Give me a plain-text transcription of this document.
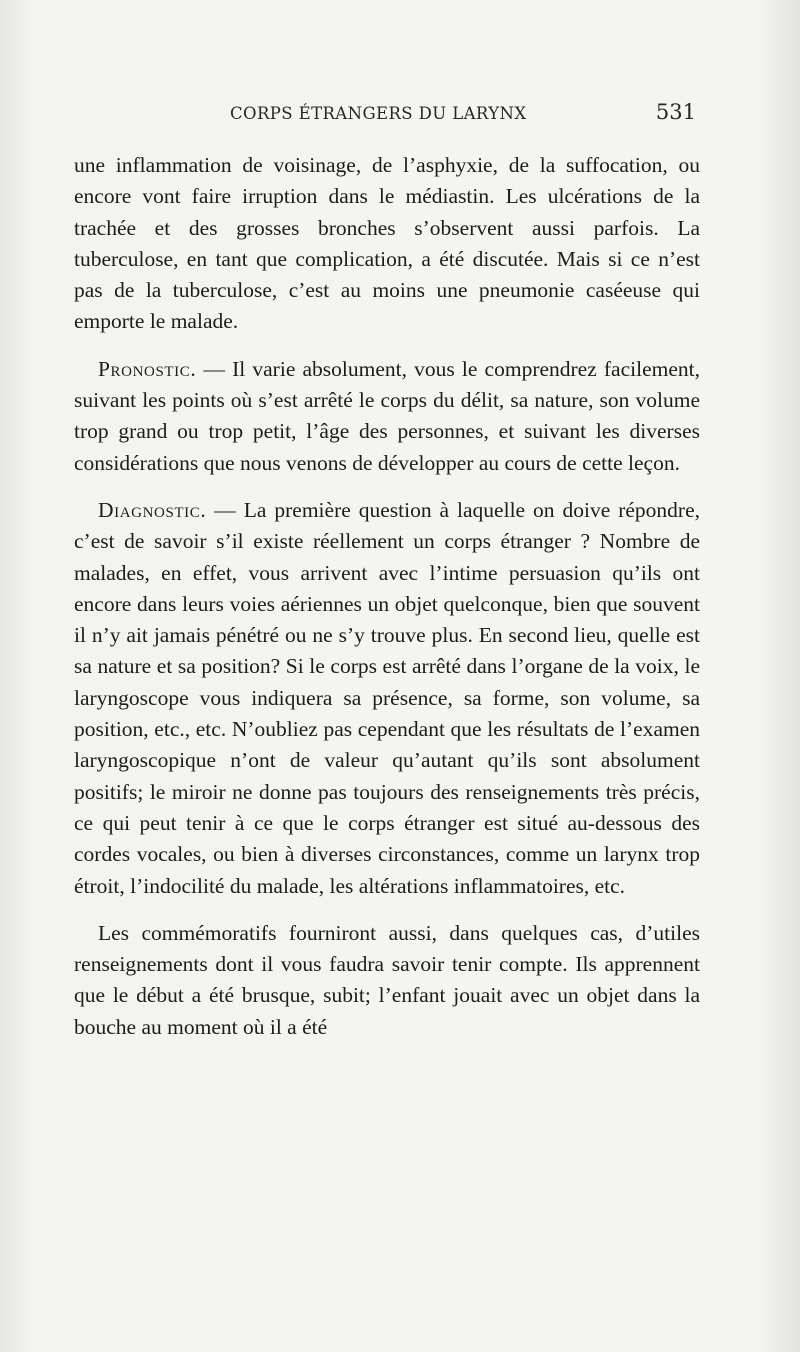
CORPS ÉTRANGERS DU LARYNX	531

une inflammation de voisinage, de l’asphyxie, de la suffocation, ou encore vont faire irruption dans le médiastin. Les ulcérations de la trachée et des grosses bronches s’observent aussi parfois. La tuberculose, en tant que complication, a été discutée. Mais si ce n’est pas de la tuberculose, c’est au moins une pneumonie caséeuse qui emporte le malade.

Pronostic. — Il varie absolument, vous le comprendrez facilement, suivant les points où s’est arrêté le corps du délit, sa nature, son volume trop grand ou trop petit, l’âge des personnes, et suivant les diverses considérations que nous venons de développer au cours de cette leçon.

Diagnostic. — La première question à laquelle on doive répondre, c’est de savoir s’il existe réellement un corps étranger ? Nombre de malades, en effet, vous arrivent avec l’intime persuasion qu’ils ont encore dans leurs voies aériennes un objet quelconque, bien que souvent il n’y ait jamais pénétré ou ne s’y trouve plus. En second lieu, quelle est sa nature et sa position? Si le corps est arrêté dans l’organe de la voix, le laryngoscope vous indiquera sa présence, sa forme, son volume, sa position, etc., etc. N’oubliez pas cependant que les résultats de l’examen laryngoscopique n’ont de valeur qu’autant qu’ils sont absolument positifs; le miroir ne donne pas toujours des renseignements très précis, ce qui peut tenir à ce que le corps étranger est situé au-dessous des cordes vocales, ou bien à diverses circonstances, comme un larynx trop étroit, l’indocilité du malade, les altérations inflammatoires, etc.

Les commémoratifs fourniront aussi, dans quelques cas, d’utiles renseignements dont il vous faudra savoir tenir compte. Ils apprennent que le début a été brusque, subit; l’enfant jouait avec un objet dans la bouche au moment où il a été
